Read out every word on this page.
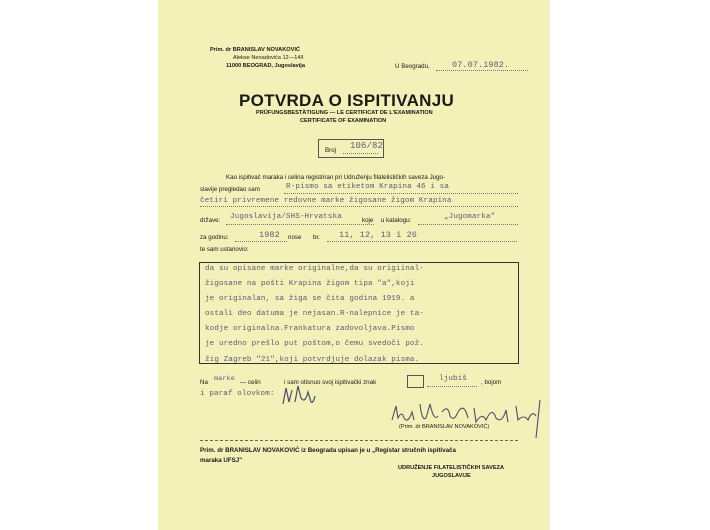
Prim. dr BRANISLAV NOVAKOVIĆ
Alekse Nenadovića 12—14/I
11000 BEOGRAD, Jugoslavija	U Beogradu,	07.07.1982.
POTVRDA O ISPITIVANJU
PRÜFUNGSBESTÄTIGUNG — LE CERTIFICAT DE L'EXAMINATION
CERTIFICATE OF EXAMINATION
Broj 106/82
Kao ispitivač maraka i celina registriran pri Udruženju filatelističkih saveza Jugo-
slavije pregledao sam	R-pismo sa etiketom Krapina 46 i sa
četiri privremene redovne marke žigosane žigom Krapina
države: Jugoslavija/SHS-Hrvatska	koje u katalogu:	„Jugomarka"
za godinu:	1982 nose br. 11, 12, 13 i 26
te sam ustanovio:
da su opisane marke originalne,da su origiinal-
žigosane na pošti Krapina žigom tipa "a",koji
je originalan, sa žiga se čita godina 1919. a
ostali deo datuma je nejasan.R-nalepnice je ta-
kodje originalna.Frankatura zadovoljava.Pismo
je uredno prešlo put poštom,o čemu svedoči pož.
žig Zagreb "21",koji potvrdjuje dolazak pisma.
Na marke — celin	i sam otisnuo svoj ispitivački znak	ljubiš , bojom
i paraf olovkom:
(Prim. dr BRANISLAV NOVAKOVIĆ)
Prim. dr BRANISLAV NOVAKOVIĆ iz Beograda upisan je u „Registar stručnih ispitivača
maraka UFSJ"
UDRUŽENJE FILATELISTIČKIH SAVEZA
JUGOSLAVIJE
